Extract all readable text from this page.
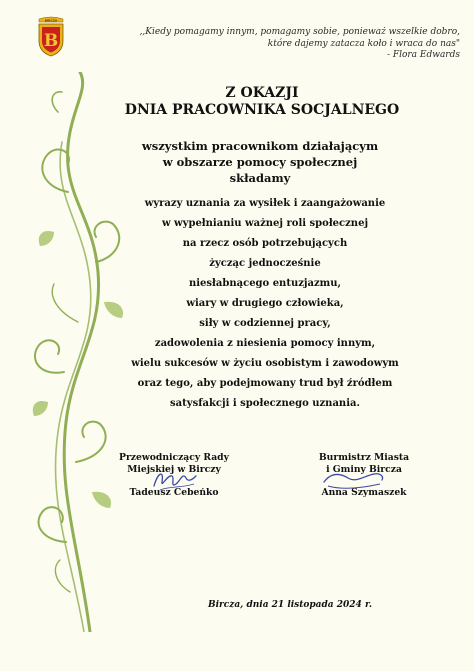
BIRCZA
B	,,Kiedy pomagamy innym, pomagamy sobie, ponieważ wszelkie dobro,
które dajemy zatacza koło i wraca do nas"
- Flora Edwards
Z OKAZJI
DNIA PRACOWNIKA SOCJALNEGO
wszystkim pracownikom działającym
w obszarze pomocy społecznej
składamy
wyrazy uznania za wysiłek i zaangażowanie
w wypełnianiu ważnej roli społecznej
na rzecz osób potrzebujących
życząc jednocześnie
niesłabnącego entuzjazmu,
wiary w drugiego człowieka,
siły w codziennej pracy,
zadowolenia z niesienia pomocy innym,
wielu sukcesów w życiu osobistym i zawodowym
oraz tego, aby podejmowany trud był źródłem
satysfakcji i społecznego uznania.
Przewodniczący Rady
Miejskiej w Birczy
Tadeusz Cebeńko
Burmistrz Miasta
i Gminy Bircza
Anna Szymaszek
Bircza, dnia 21 listopada 2024 r.
